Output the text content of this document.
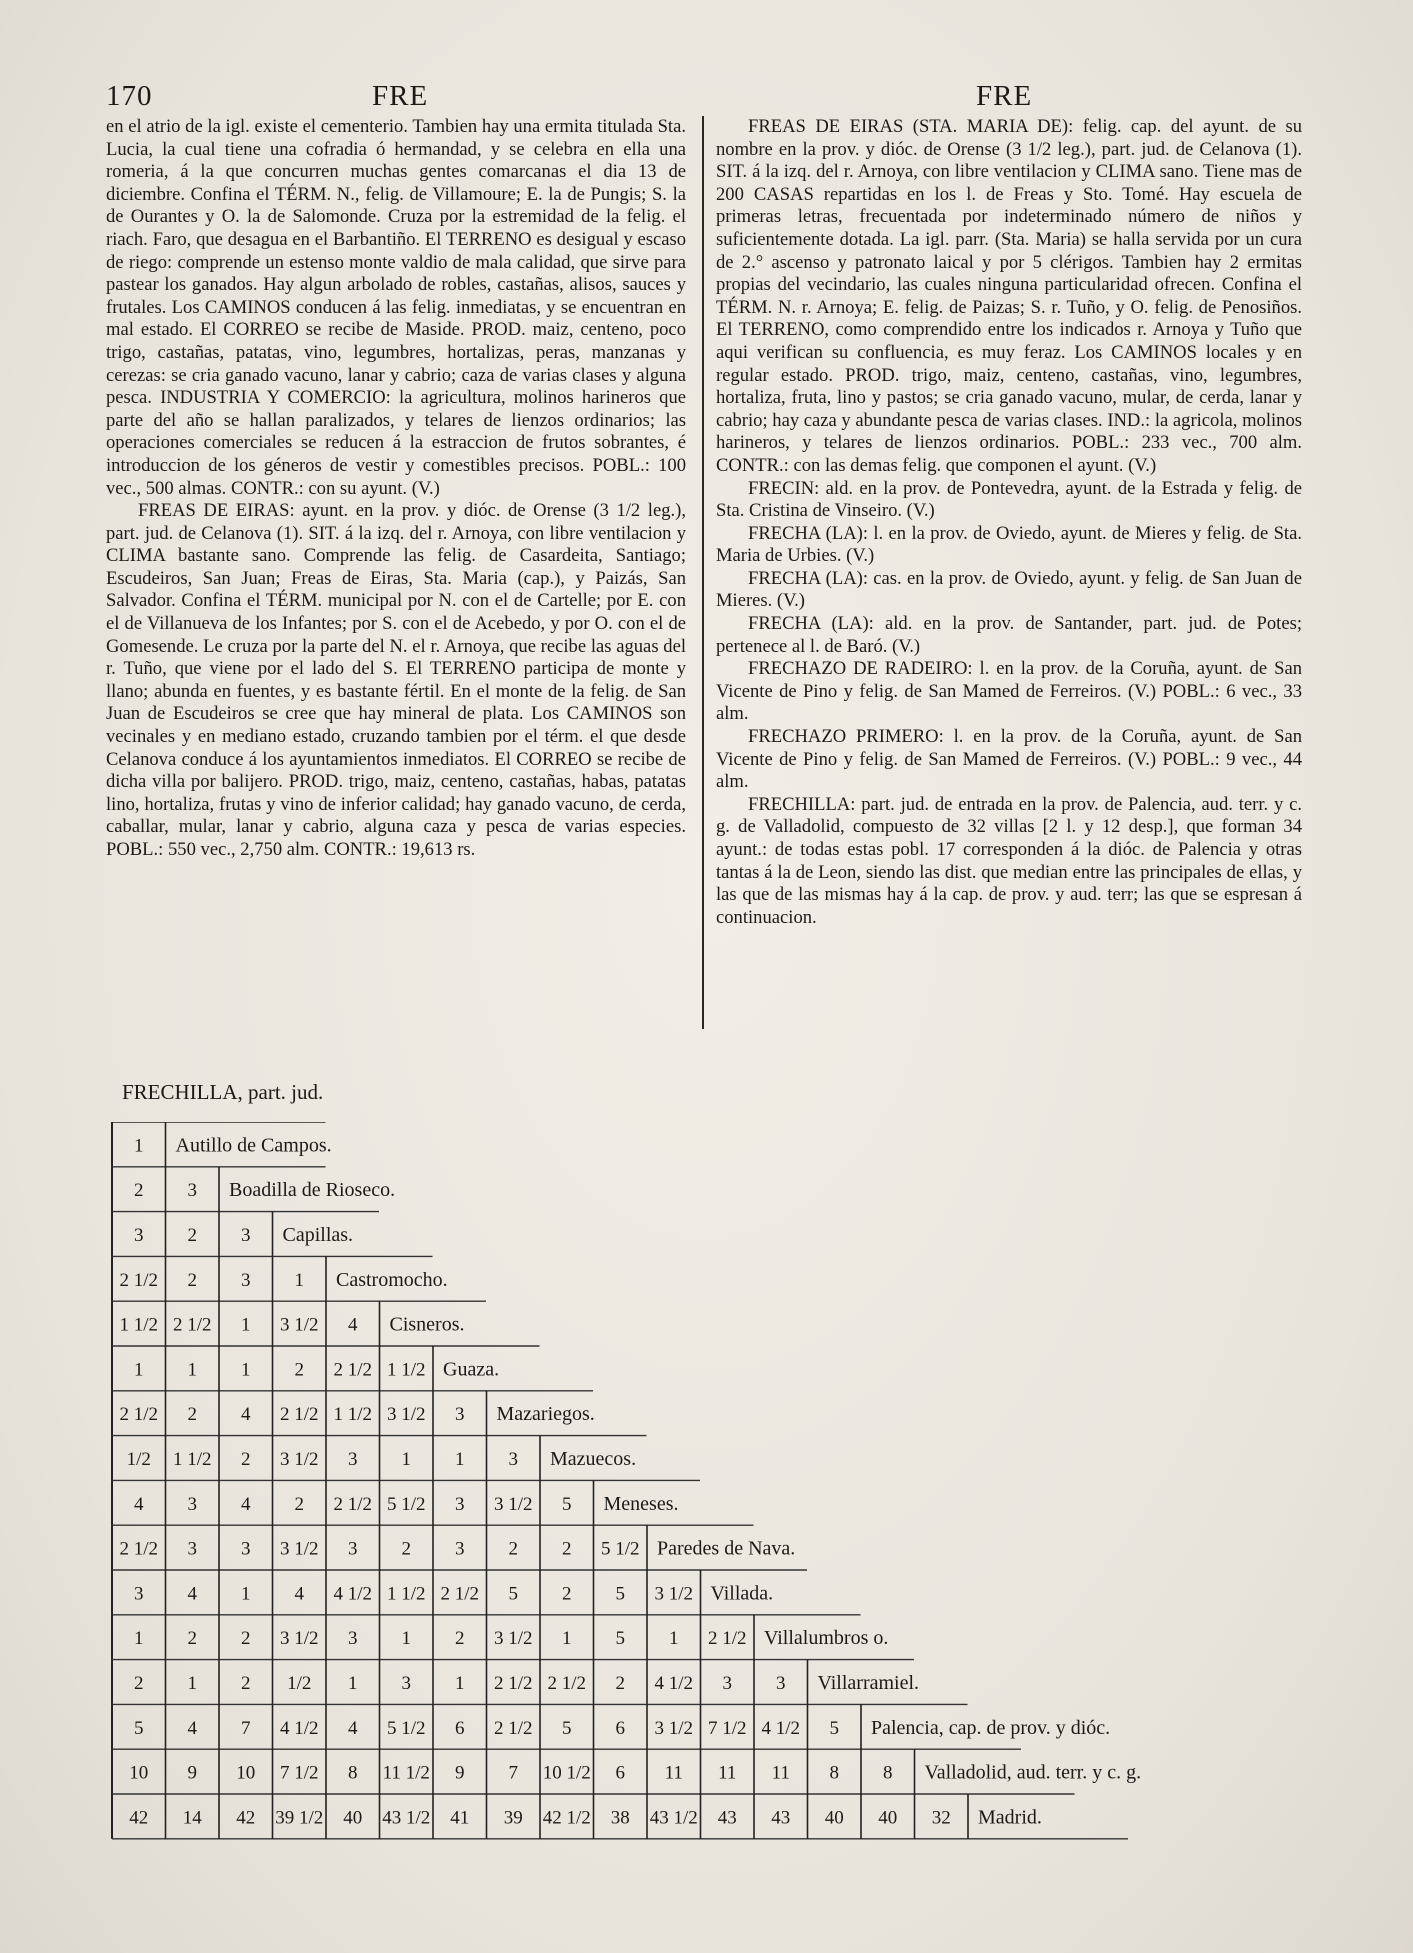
170	FRE	FRE

en el atrio de la igl. existe el cementerio. Tambien hay una ermita titulada Sta. Lucia, la cual tiene una cofradia ó hermandad, y se celebra en ella una romeria, á la que concurren muchas gentes comarcanas el dia 13 de diciembre. Confina el TÉRM. N., felig. de Villamoure; E. la de Pungis; S. la de Ourantes y O. la de Salomonde. Cruza por la estremidad de la felig. el riach. Faro, que desagua en el Barbantiño. El TERRENO es desigual y escaso de riego: comprende un estenso monte valdio de mala calidad, que sirve para pastear los ganados. Hay algun arbolado de robles, castañas, alisos, sauces y frutales. Los CAMINOS conducen á las felig. inmediatas, y se encuentran en mal estado. El CORREO se recibe de Maside. PROD. maiz, centeno, poco trigo, castañas, patatas, vino, legumbres, hortalizas, peras, manzanas y cerezas: se cria ganado vacuno, lanar y cabrio; caza de varias clases y alguna pesca. INDUSTRIA Y COMERCIO: la agricultura, molinos harineros que parte del año se hallan paralizados, y telares de lienzos ordinarios; las operaciones comerciales se reducen á la estraccion de frutos sobrantes, é introduccion de los géneros de vestir y comestibles precisos. POBL.: 100 vec., 500 almas. CONTR.: con su ayunt. (V.)

FREAS DE EIRAS: ayunt. en la prov. y dióc. de Orense (3 1/2 leg.), part. jud. de Celanova (1). SIT. á la izq. del r. Arnoya, con libre ventilacion y CLIMA bastante sano. Comprende las felig. de Casardeita, Santiago; Escudeiros, San Juan; Freas de Eiras, Sta. Maria (cap.), y Paizás, San Salvador. Confina el TÉRM. municipal por N. con el de Cartelle; por E. con el de Villanueva de los Infantes; por S. con el de Acebedo, y por O. con el de Gomesende. Le cruza por la parte del N. el r. Arnoya, que recibe las aguas del r. Tuño, que viene por el lado del S. El TERRENO participa de monte y llano; abunda en fuentes, y es bastante fértil. En el monte de la felig. de San Juan de Escudeiros se cree que hay mineral de plata. Los CAMINOS son vecinales y en mediano estado, cruzando tambien por el térm. el que desde Celanova conduce á los ayuntamientos inmediatos. El CORREO se recibe de dicha villa por balijero. PROD. trigo, maiz, centeno, castañas, habas, patatas lino, hortaliza, frutas y vino de inferior calidad; hay ganado vacuno, de cerda, caballar, mular, lanar y cabrio, alguna caza y pesca de varias especies. POBL.: 550 vec., 2,750 alm. CONTR.: 19,613 rs.

FREAS DE EIRAS (STA. MARIA DE): felig. cap. del ayunt. de su nombre en la prov. y dióc. de Orense (3 1/2 leg.), part. jud. de Celanova (1). SIT. á la izq. del r. Arnoya, con libre ventilacion y CLIMA sano. Tiene mas de 200 CASAS repartidas en los l. de Freas y Sto. Tomé. Hay escuela de primeras letras, frecuentada por indeterminado número de niños y suficientemente dotada. La igl. parr. (Sta. Maria) se halla servida por un cura de 2.° ascenso y patronato laical y por 5 clérigos. Tambien hay 2 ermitas propias del vecindario, las cuales ninguna particularidad ofrecen. Confina el TÉRM. N. r. Arnoya; E. felig. de Paizas; S. r. Tuño, y O. felig. de Penosiños. El TERRENO, como comprendido entre los indicados r. Arnoya y Tuño que aqui verifican su confluencia, es muy feraz. Los CAMINOS locales y en regular estado. PROD. trigo, maiz, centeno, castañas, vino, legumbres, hortaliza, fruta, lino y pastos; se cria ganado vacuno, mular, de cerda, lanar y cabrio; hay caza y abundante pesca de varias clases. IND.: la agricola, molinos harineros, y telares de lienzos ordinarios. POBL.: 233 vec., 700 alm. CONTR.: con las demas felig. que componen el ayunt. (V.)

FRECIN: ald. en la prov. de Pontevedra, ayunt. de la Estrada y felig. de Sta. Cristina de Vinseiro. (V.)

FRECHA (LA): l. en la prov. de Oviedo, ayunt. de Mieres y felig. de Sta. Maria de Urbies. (V.)

FRECHA (LA): cas. en la prov. de Oviedo, ayunt. y felig. de San Juan de Mieres. (V.)

FRECHA (LA): ald. en la prov. de Santander, part. jud. de Potes; pertenece al l. de Baró. (V.)

FRECHAZO DE RADEIRO: l. en la prov. de la Coruña, ayunt. de San Vicente de Pino y felig. de San Mamed de Ferreiros. (V.) POBL.: 6 vec., 33 alm.

FRECHAZO PRIMERO: l. en la prov. de la Coruña, ayunt. de San Vicente de Pino y felig. de San Mamed de Ferreiros. (V.) POBL.: 9 vec., 44 alm.

FRECHILLA: part. jud. de entrada en la prov. de Palencia, aud. terr. y c. g. de Valladolid, compuesto de 32 villas [2 l. y 12 desp.], que forman 34 ayunt.: de todas estas pobl. 17 corresponden á la dióc. de Palencia y otras tantas á la de Leon, siendo las dist. que median entre las principales de ellas, y las que de las mismas hay á la cap. de prov. y aud. terr; las que se espresan á continuacion.

FRECHILLA, part. jud.
1 Autillo de Campos.
2 3 Boadilla de Rioseco.
3 2 3 Capillas.
2 1/2 2 3 1 Castromocho.
1 1/2 2 1/2 1 3 1/2 4 Cisneros.
1 1 1 2 2 1/2 1 1/2 Guaza.
2 1/2 2 4 2 1/2 1 1/2 3 1/2 3 Mazariegos.
1/2 1 1/2 2 3 1/2 3 1 1 3 Mazuecos.
4 3 4 2 2 1/2 5 1/2 3 3 1/2 5 Meneses.
2 1/2 3 3 3 1/2 3 2 3 2 2 5 1/2 Paredes de Nava.
3 4 1 4 4 1/2 1 1/2 2 1/2 5 2 5 3 1/2 Villada.
1 2 2 3 1/2 3 1 2 3 1/2 1 5 1 2 1/2 Villalumbros o.
2 1 2 1/2 1 3 1 2 1/2 2 1/2 2 4 1/2 3 3 Villarramiel.
5 4 7 4 1/2 4 5 1/2 6 2 1/2 5 6 3 1/2 7 1/2 4 1/2 5 Palencia, cap. de prov. y dióc.
10 9 10 7 1/2 8 11 1/2 9 7 10 1/2 6 11 11 11 8 8 Valladolid, aud. terr. y c. g.
42 14 42 39 1/2 40 43 1/2 41 39 42 1/2 38 43 1/2 43 43 40 40 32 Madrid.
